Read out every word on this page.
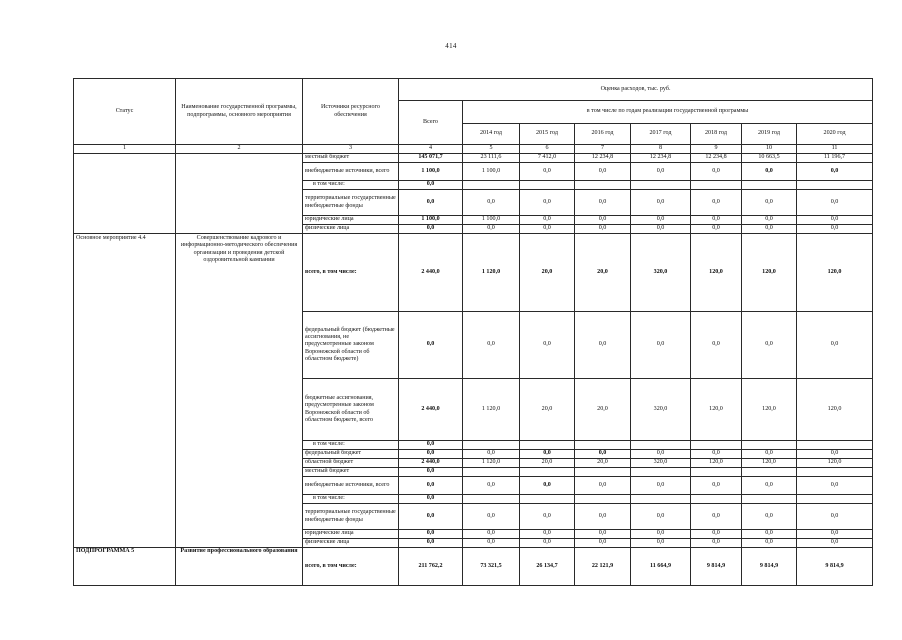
414
Статус	Наименование государственной программы, подпрограммы, основного мероприятия	Источники ресурсного обеспечения	Оценка расходов, тыс. руб.							
			Всего	в том числе по годам реализации государственной программы						
				2014 год	2015 год	2016 год	2017 год	2018 год	2019 год	2020 год
1	2	3	4	5	6	7	8	9	10	11
		местный бюджет	145 071,7	23 111,6	7 412,0	12 234,8	12 234,8	12 234,8	10 663,5	11 196,7
		внебюджетные источники, всего	1 100,0	1 100,0	0,0	0,0	0,0	0,0	0,0	0,0
		в том числе:	0,0							
		территориальные государственные внебюджетные фонды	0,0	0,0	0,0	0,0	0,0	0,0	0,0	0,0
		юридические лица	1 100,0	1 100,0	0,0	0,0	0,0	0,0	0,0	0,0
		физические лица	0,0	0,0	0,0	0,0	0,0	0,0	0,0	0,0
Основное мероприятие 4.4	Совершенствование кадрового и информационно-методического обеспечения организации и проведения детской оздоровительной кампании	всего, в том числе:	2 440,0	1 120,0	20,0	20,0	320,0	120,0	120,0	120,0
		федеральный бюджет (бюджетные ассигнования, не предусмотренные законом Воронежской области об областном бюджете)	0,0	0,0	0,0	0,0	0,0	0,0	0,0	0,0
		бюджетные ассигнования, предусмотренные законом Воронежской области об областном бюджете, всего	2 440,0	1 120,0	20,0	20,0	320,0	120,0	120,0	120,0
		в том числе:	0,0							
		федеральный бюджет	0,0	0,0	0,0	0,0	0,0	0,0	0,0	0,0
		областной бюджет	2 440,0	1 120,0	20,0	20,0	320,0	120,0	120,0	120,0
		местный бюджет	0,0							
		внебюджетные источники, всего	0,0	0,0	0,0	0,0	0,0	0,0	0,0	0,0
		в том числе:	0,0							
		территориальные государственные внебюджетные фонды	0,0	0,0	0,0	0,0	0,0	0,0	0,0	0,0
		юридические лица	0,0	0,0	0,0	0,0	0,0	0,0	0,0	0,0
		физические лица	0,0	0,0	0,0	0,0	0,0	0,0	0,0	0,0
ПОДПРОГРАММА 5	Развитие профессионального образования	всего, в том числе:	211 762,2	73 321,5	26 134,7	22 121,9	11 664,9	9 814,9	9 814,9	9 814,9
